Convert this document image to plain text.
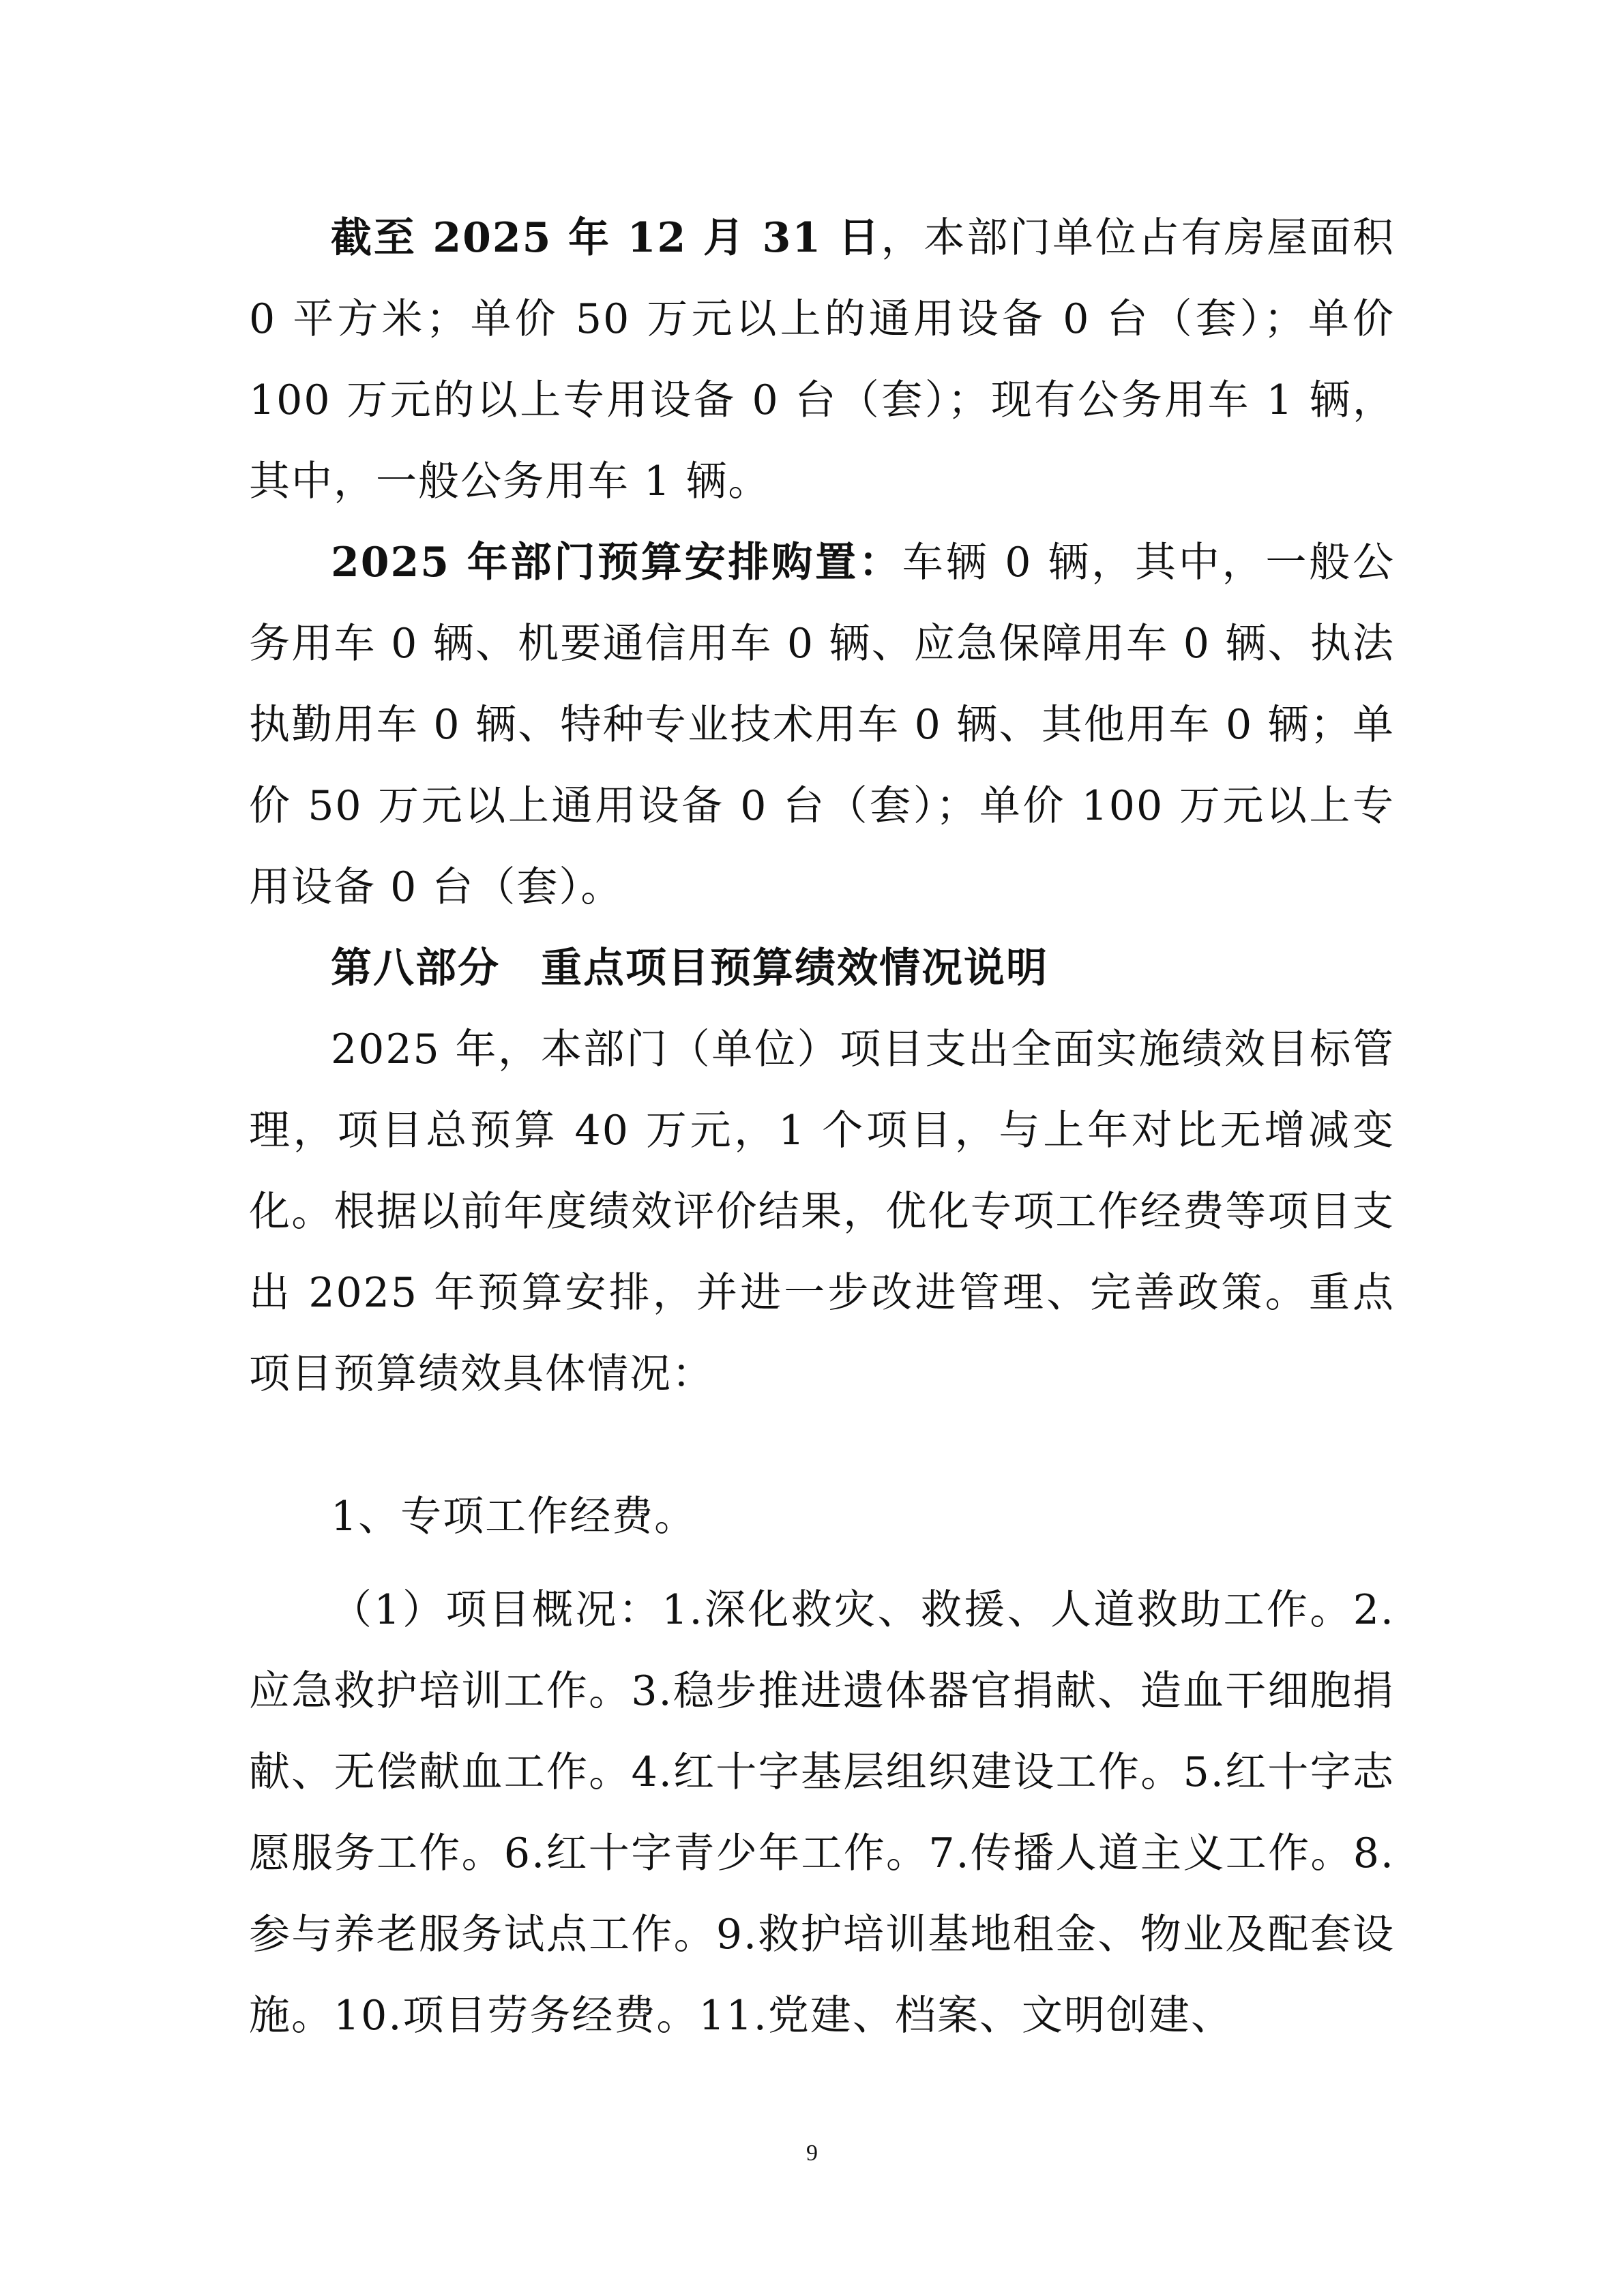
截至 2025 年 12 月 31 日，本部门单位占有房屋面积 0 平方米；单价 50 万元以上的通用设备 0 台（套）；单价 100 万元的以上专用设备 0 台（套）；现有公务用车 1 辆，其中，一般公务用车 1 辆。

2025 年部门预算安排购置：车辆 0 辆，其中，一般公务用车 0 辆、机要通信用车 0 辆、应急保障用车 0 辆、执法执勤用车 0 辆、特种专业技术用车 0 辆、其他用车 0 辆；单价 50 万元以上通用设备 0 台（套）；单价 100 万元以上专用设备 0 台（套）。

第八部分 重点项目预算绩效情况说明

2025 年，本部门（单位）项目支出全面实施绩效目标管理，项目总预算 40 万元，1 个项目，与上年对比无增减变化。根据以前年度绩效评价结果，优化专项工作经费等项目支出 2025 年预算安排，并进一步改进管理、完善政策。重点项目预算绩效具体情况：

1、专项工作经费。

（1）项目概况：1.深化救灾、救援、人道救助工作。2.应急救护培训工作。3.稳步推进遗体器官捐献、造血干细胞捐献、无偿献血工作。4.红十字基层组织建设工作。5.红十字志愿服务工作。6.红十字青少年工作。7.传播人道主义工作。8.参与养老服务试点工作。9.救护培训基地租金、物业及配套设施。10.项目劳务经费。11.党建、档案、文明创建、

9
